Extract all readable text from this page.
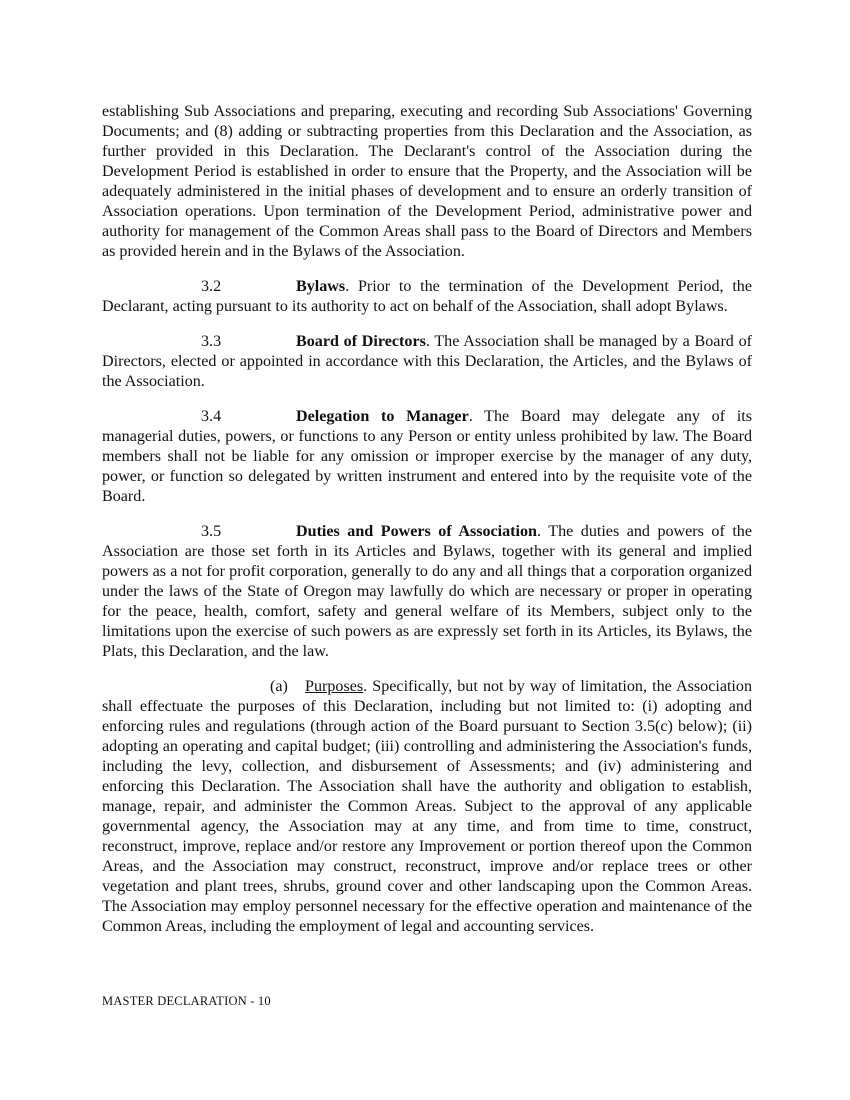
establishing Sub Associations and preparing, executing and recording Sub Associations' Governing Documents; and (8) adding or subtracting properties from this Declaration and the Association, as further provided in this Declaration. The Declarant's control of the Association during the Development Period is established in order to ensure that the Property, and the Association will be adequately administered in the initial phases of development and to ensure an orderly transition of Association operations. Upon termination of the Development Period, administrative power and authority for management of the Common Areas shall pass to the Board of Directors and Members as provided herein and in the Bylaws of the Association.

3.2	Bylaws. Prior to the termination of the Development Period, the Declarant, acting pursuant to its authority to act on behalf of the Association, shall adopt Bylaws.

3.3	Board of Directors. The Association shall be managed by a Board of Directors, elected or appointed in accordance with this Declaration, the Articles, and the Bylaws of the Association.

3.4	Delegation to Manager. The Board may delegate any of its managerial duties, powers, or functions to any Person or entity unless prohibited by law. The Board members shall not be liable for any omission or improper exercise by the manager of any duty, power, or function so delegated by written instrument and entered into by the requisite vote of the Board.

3.5	Duties and Powers of Association. The duties and powers of the Association are those set forth in its Articles and Bylaws, together with its general and implied powers as a not for profit corporation, generally to do any and all things that a corporation organized under the laws of the State of Oregon may lawfully do which are necessary or proper in operating for the peace, health, comfort, safety and general welfare of its Members, subject only to the limitations upon the exercise of such powers as are expressly set forth in its Articles, its Bylaws, the Plats, this Declaration, and the law.

(a) Purposes. Specifically, but not by way of limitation, the Association shall effectuate the purposes of this Declaration, including but not limited to: (i) adopting and enforcing rules and regulations (through action of the Board pursuant to Section 3.5(c) below); (ii) adopting an operating and capital budget; (iii) controlling and administering the Association's funds, including the levy, collection, and disbursement of Assessments; and (iv) administering and enforcing this Declaration. The Association shall have the authority and obligation to establish, manage, repair, and administer the Common Areas. Subject to the approval of any applicable governmental agency, the Association may at any time, and from time to time, construct, reconstruct, improve, replace and/or restore any Improvement or portion thereof upon the Common Areas, and the Association may construct, reconstruct, improve and/or replace trees or other vegetation and plant trees, shrubs, ground cover and other landscaping upon the Common Areas. The Association may employ personnel necessary for the effective operation and maintenance of the Common Areas, including the employment of legal and accounting services.

MASTER DECLARATION - 10
